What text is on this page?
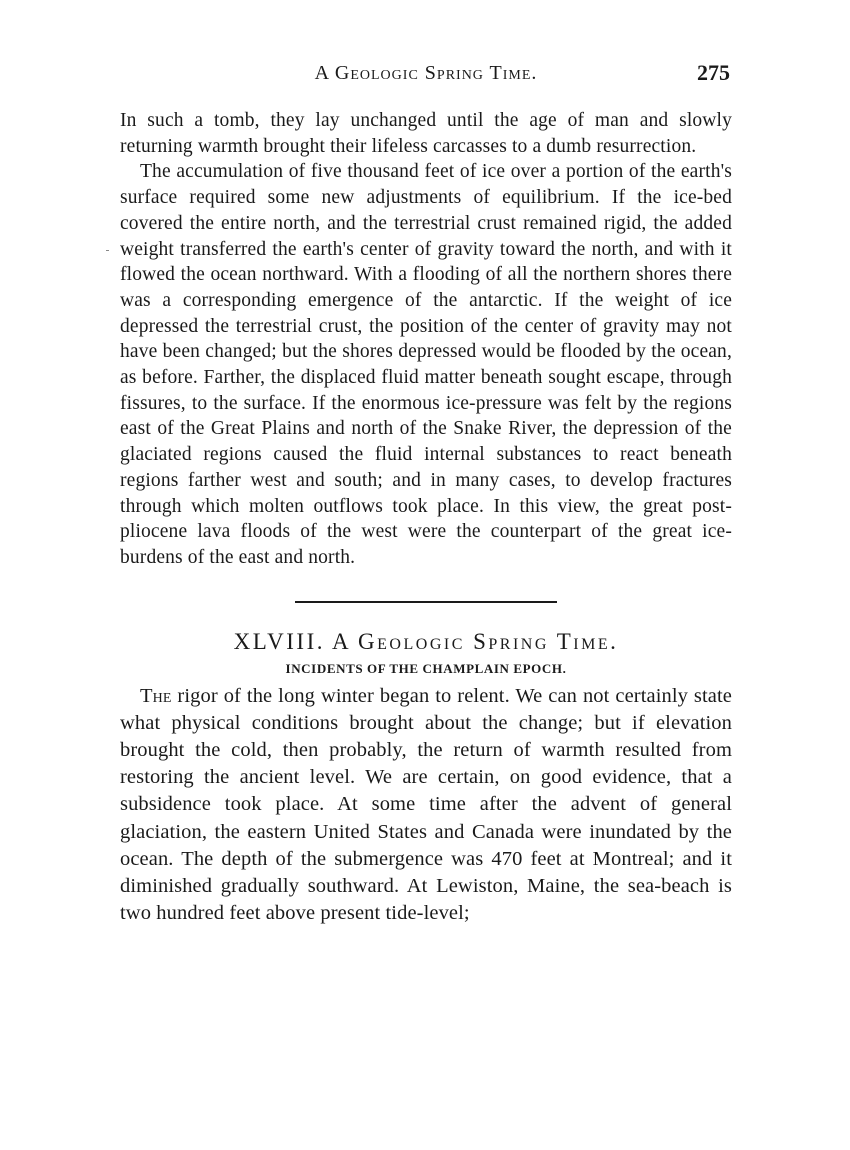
A Geologic Spring Time.	275

In such a tomb, they lay unchanged until the age of man and slowly returning warmth brought their lifeless carcasses to a dumb resurrection.

The accumulation of five thousand feet of ice over a portion of the earth's surface required some new adjustments of equilibrium. If the ice-bed covered the entire north, and the terrestrial crust remained rigid, the added weight transferred the earth's center of gravity toward the north, and with it flowed the ocean northward. With a flooding of all the northern shores there was a corresponding emergence of the antarctic. If the weight of ice depressed the terrestrial crust, the position of the center of gravity may not have been changed; but the shores depressed would be flooded by the ocean, as before. Farther, the displaced fluid matter beneath sought escape, through fissures, to the surface. If the enormous ice-pressure was felt by the regions east of the Great Plains and north of the Snake River, the depression of the glaciated regions caused the fluid internal substances to react beneath regions farther west and south; and in many cases, to develop fractures through which molten outflows took place. In this view, the great post-pliocene lava floods of the west were the counterpart of the great ice-burdens of the east and north.

XLVIII. A Geologic Spring Time.
INCIDENTS OF THE CHAMPLAIN EPOCH.

The rigor of the long winter began to relent. We can not certainly state what physical conditions brought about the change; but if elevation brought the cold, then probably, the return of warmth resulted from restoring the ancient level. We are certain, on good evidence, that a subsidence took place. At some time after the advent of general glaciation, the eastern United States and Canada were inundated by the ocean. The depth of the submergence was 470 feet at Montreal; and it diminished gradually southward. At Lewiston, Maine, the sea-beach is two hundred feet above present tide-level;
